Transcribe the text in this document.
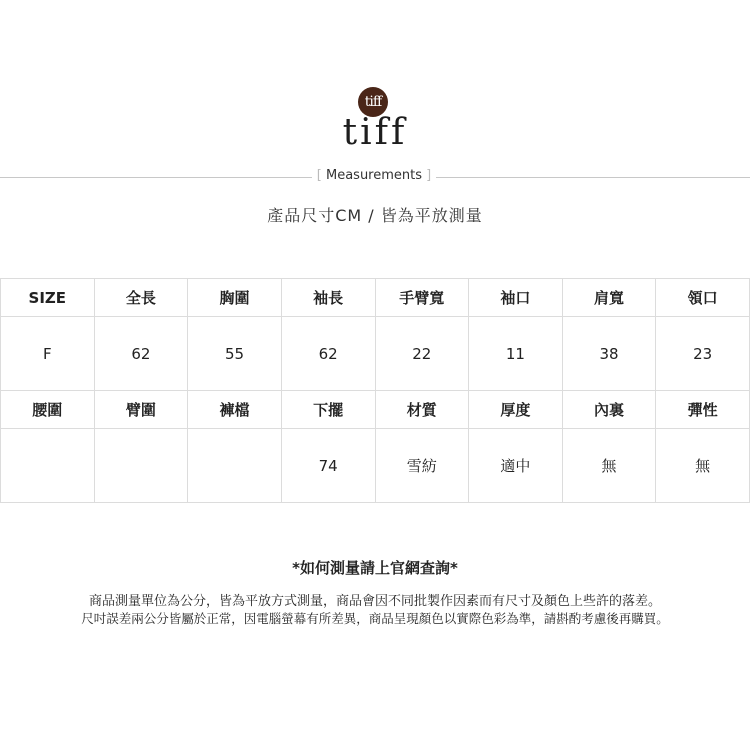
tiff
tiff
[ Measurements ]
產品尺寸CM / 皆為平放測量
SIZE	全長	胸圍	袖長	手臂寬	袖口	肩寬	領口
F	62	55	62	22	11	38	23
腰圍	臂圍	褲檔	下擺	材質	厚度	內裏	彈性
			74	雪紡	適中	無	無
*如何測量請上官網查詢*
商品測量單位為公分，皆為平放方式測量，商品會因不同批製作因素而有尺寸及顏色上些許的落差。
尺吋誤差兩公分皆屬於正常，因電腦螢幕有所差異，商品呈現顏色以實際色彩為準，請斟酌考慮後再購買。
